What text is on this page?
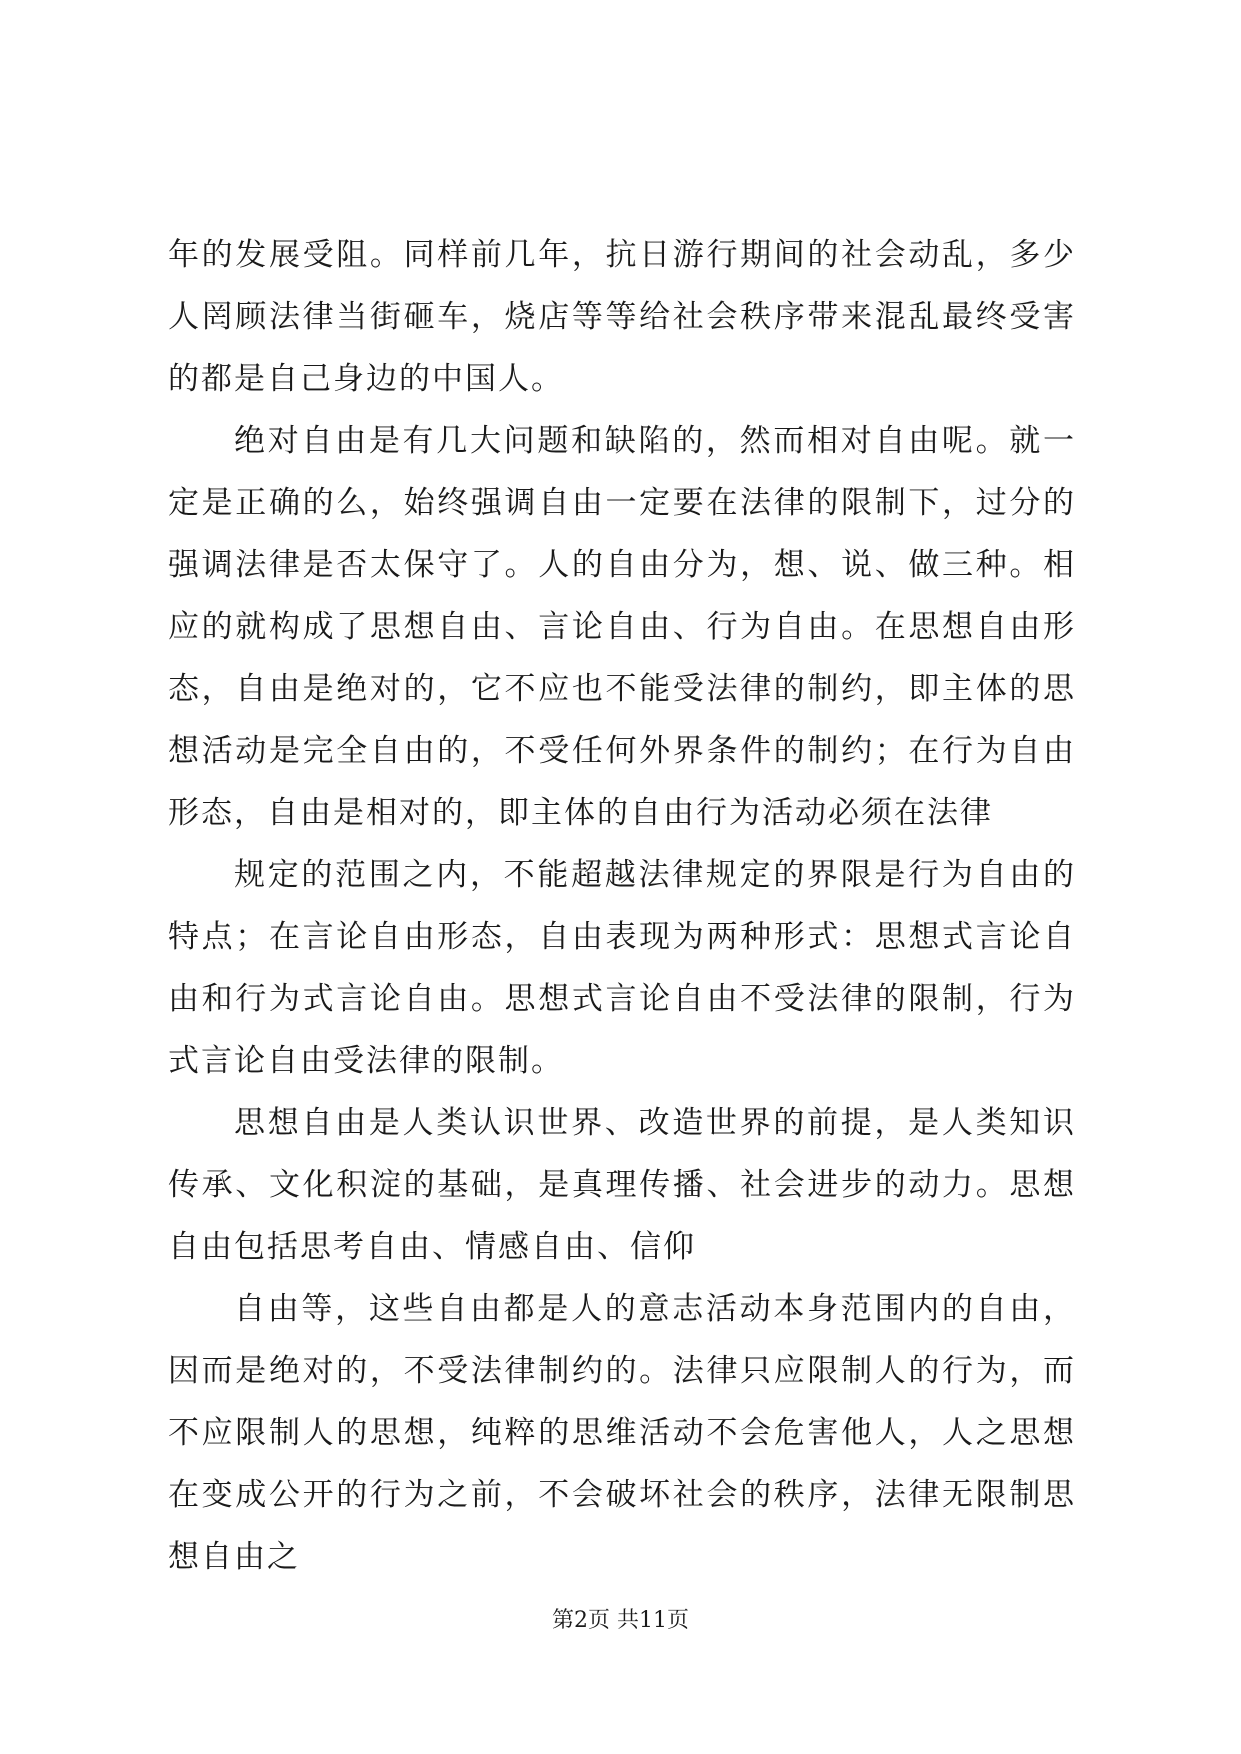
年的发展受阻。同样前几年，抗日游行期间的社会动乱，多少人罔顾法律当街砸车，烧店等等给社会秩序带来混乱最终受害的都是自己身边的中国人。

绝对自由是有几大问题和缺陷的，然而相对自由呢。就一定是正确的么，始终强调自由一定要在法律的限制下，过分的强调法律是否太保守了。人的自由分为，想、说、做三种。相应的就构成了思想自由、言论自由、行为自由。在思想自由形态，自由是绝对的，它不应也不能受法律的制约，即主体的思想活动是完全自由的，不受任何外界条件的制约；在行为自由形态，自由是相对的，即主体的自由行为活动必须在法律

规定的范围之内，不能超越法律规定的界限是行为自由的特点；在言论自由形态，自由表现为两种形式：思想式言论自由和行为式言论自由。思想式言论自由不受法律的限制，行为式言论自由受法律的限制。

思想自由是人类认识世界、改造世界的前提，是人类知识传承、文化积淀的基础，是真理传播、社会进步的动力。思想自由包括思考自由、情感自由、信仰

自由等，这些自由都是人的意志活动本身范围内的自由，因而是绝对的，不受法律制约的。法律只应限制人的行为，而不应限制人的思想，纯粹的思维活动不会危害他人，人之思想在变成公开的行为之前，不会破坏社会的秩序，法律无限制思想自由之

第2页 共11页
